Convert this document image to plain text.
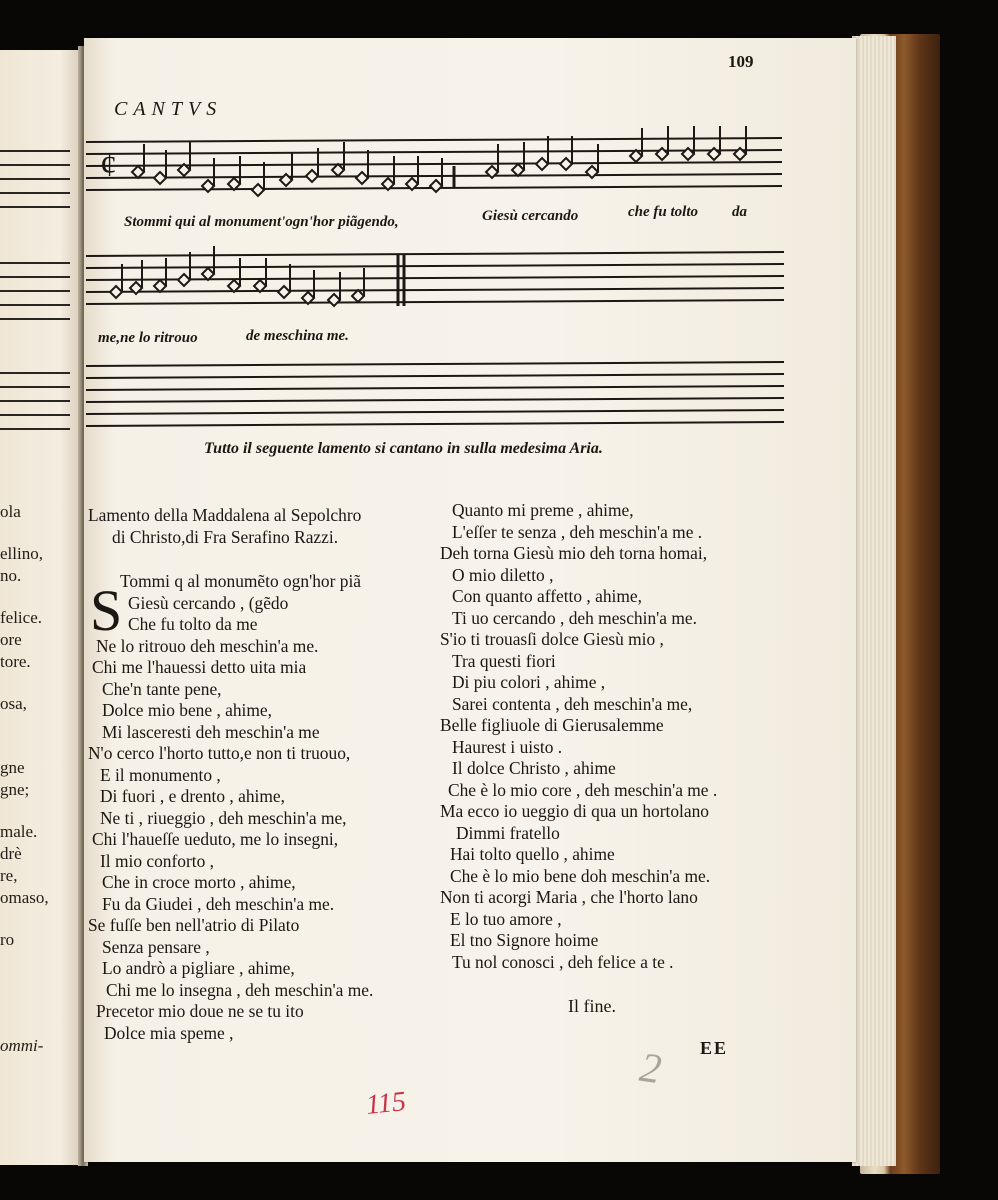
ola
ellino,
no.
felice.
ore
tore.
osa,
gne
gne;
male.
drè
re,
omaso,
ro
ommi-
109
CANTVS
¢
Stommi qui al monument'ogn'hor piãgendo,	Giesù cercando	che fu tolto da
me,ne lo ritrouo	de meschina me.
Tutto il seguente lamento si cantano in sulla medesima Aria.
Lamento della Maddalena al Sepolchro
di Christo,di Fra Serafino Razzi.
Tommi q al monumẽto ogn'hor piã
Giesù cercando , (gẽdo
Che fu tolto da me
Ne lo ritrouo deh meschin'a me.
Chi me l'hauessi detto uita mia
Che'n tante pene,
Dolce mio bene , ahime,
Mi lasceresti deh meschin'a me
N'o cerco l'horto tutto,e non ti truouo,
E il monumento ,
Di fuori , e drento , ahime,
Ne ti , riueggio , deh meschin'a me,
Chi l'haueſſe ueduto, me lo insegni,
Il mio conforto ,
Che in croce morto , ahime,
Fu da Giudei , deh meschin'a me.
Se fuſſe ben nell'atrio di Pilato
Senza pensare ,
Lo andrò a pigliare , ahime,
Chi me lo insegna , deh meschin'a me.
Precetor mio doue ne se tu ito
Dolce mia speme ,
S
Quanto mi preme , ahime,
L'eſſer te senza , deh meschin'a me .
Deh torna Giesù mio deh torna homai,
O mio diletto ,
Con quanto affetto , ahime,
Ti uo cercando , deh meschin'a me.
S'io ti trouasſi dolce Giesù mio ,
Tra questi fiori
Di piu colori , ahime ,
Sarei contenta , deh meschin'a me,
Belle figliuole di Gierusalemme
Haurest i uisto .
Il dolce Christo , ahime
Che è lo mio core , deh meschin'a me .
Ma ecco io ueggio di qua un hortolano
Dimmi fratello
Hai tolto quello , ahime
Che è lo mio bene doh meschin'a me.
Non ti acorgi Maria , che l'horto lano
E lo tuo amore ,
El tno Signore hoime
Tu nol conosci , deh felice a te .
Il fine.
EE
115
2
